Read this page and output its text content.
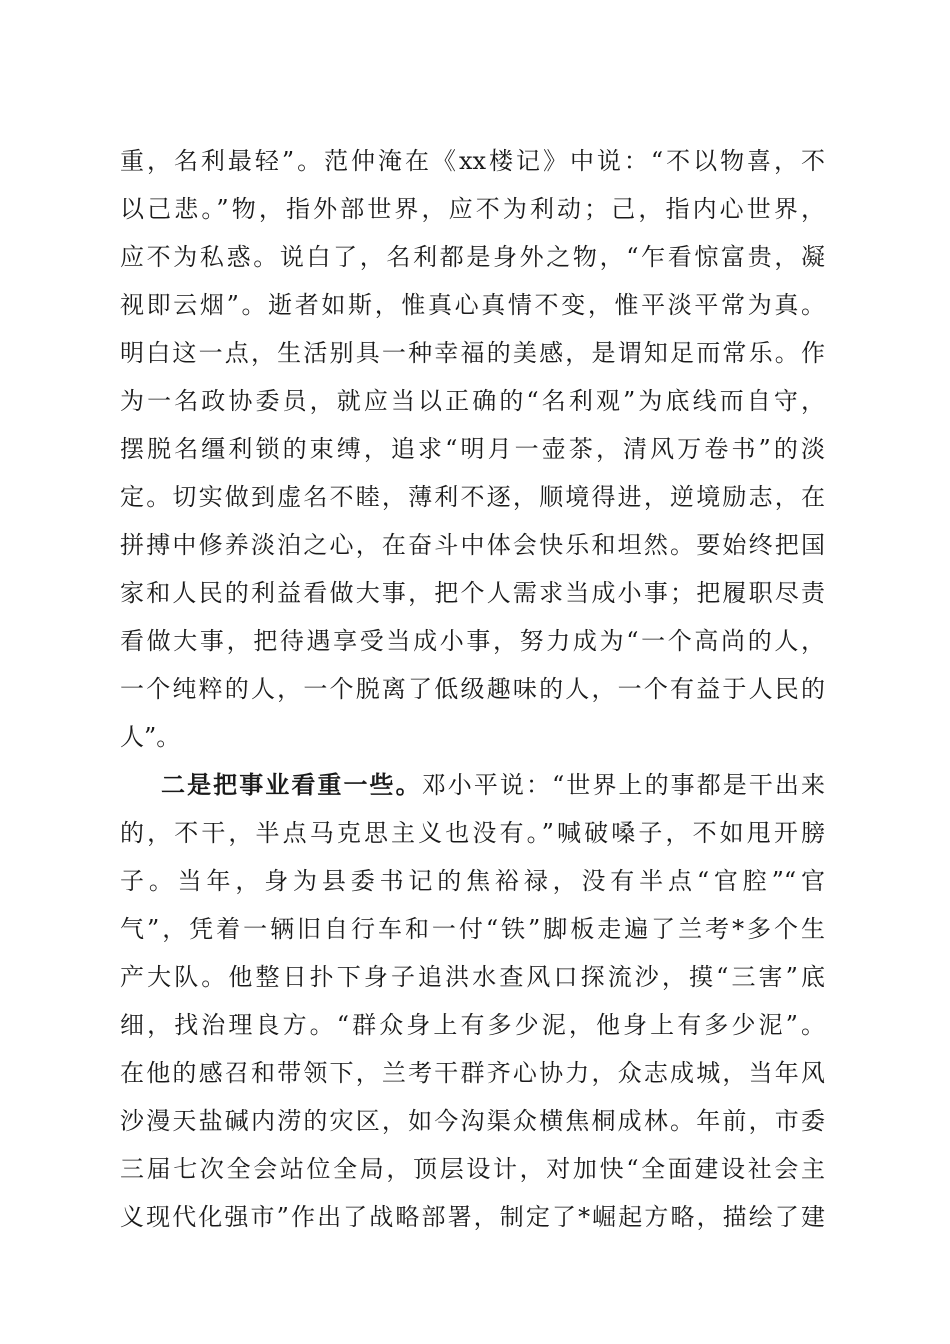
重，名利最轻”。范仲淹在《xx楼记》中说：“不以物喜，不
以己悲。”物，指外部世界，应不为利动；己，指内心世界，
应不为私惑。说白了，名利都是身外之物，“乍看惊富贵，凝
视即云烟”。逝者如斯，惟真心真情不变，惟平淡平常为真。
明白这一点，生活别具一种幸福的美感，是谓知足而常乐。作
为一名政协委员，就应当以正确的“名利观”为底线而自守，
摆脱名缰利锁的束缚，追求“明月一壶茶，清风万卷书”的淡
定。切实做到虚名不睦，薄利不逐，顺境得进，逆境励志，在
拼搏中修养淡泊之心，在奋斗中体会快乐和坦然。要始终把国
家和人民的利益看做大事，把个人需求当成小事；把履职尽责
看做大事，把待遇享受当成小事，努力成为“一个高尚的人，
一个纯粹的人，一个脱离了低级趣味的人，一个有益于人民的
人”。
二是把事业看重一些。邓小平说：“世界上的事都是干出来
的，不干，半点马克思主义也没有。”喊破嗓子，不如甩开膀
子。当年，身为县委书记的焦裕禄，没有半点“官腔”“官
气”，凭着一辆旧自行车和一付“铁”脚板走遍了兰考*多个生
产大队。他整日扑下身子追洪水查风口探流沙，摸“三害”底
细，找治理良方。“群众身上有多少泥，他身上有多少泥”。
在他的感召和带领下，兰考干群齐心协力，众志成城，当年风
沙漫天盐碱内涝的灾区，如今沟渠众横焦桐成林。年前，市委
三届七次全会站位全局，顶层设计，对加快“全面建设社会主
义现代化强市”作出了战略部署，制定了*崛起方略，描绘了建
